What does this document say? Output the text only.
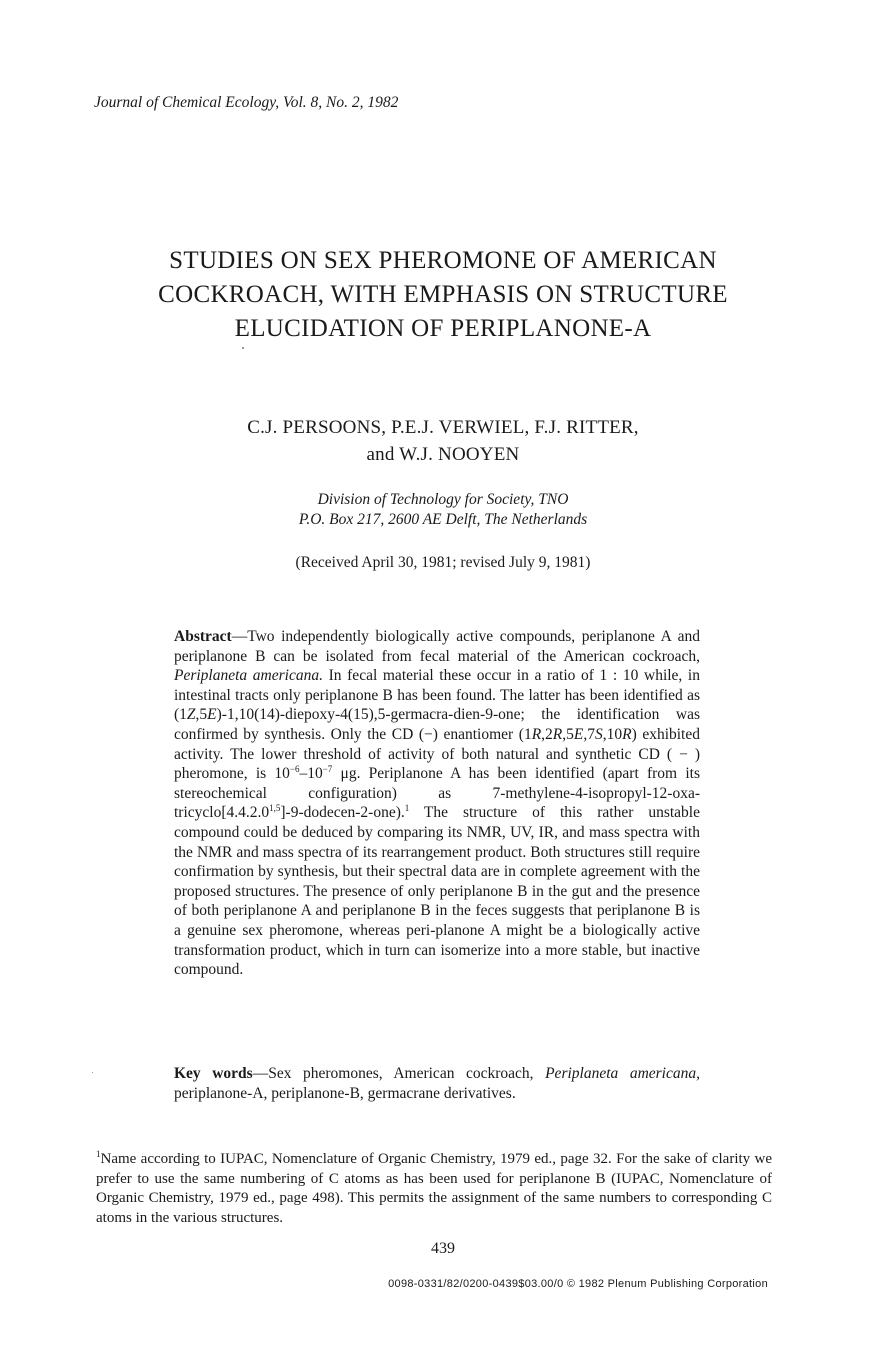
Journal of Chemical Ecology, Vol. 8, No. 2, 1982
STUDIES ON SEX PHEROMONE OF AMERICAN
COCKROACH, WITH EMPHASIS ON STRUCTURE
ELUCIDATION OF PERIPLANONE-A
C.J. PERSOONS, P.E.J. VERWIEL, F.J. RITTER,
and W.J. NOOYEN
Division of Technology for Society, TNO
P.O. Box 217, 2600 AE Delft, The Netherlands
(Received April 30, 1981; revised July 9, 1981)
Abstract—Two independently biologically active compounds, periplanone A and periplanone B can be isolated from fecal material of the American cockroach, Periplaneta americana. In fecal material these occur in a ratio of 1 : 10 while, in intestinal tracts only periplanone B has been found. The latter has been identified as (1Z,5E)-1,10(14)-diepoxy-4(15),5-germacra-dien-9-one; the identification was confirmed by synthesis. Only the CD (−) enantiomer (1R,2R,5E,7S,10R) exhibited activity. The lower threshold of activity of both natural and synthetic CD ( − ) pheromone, is $10^{-6}-10^{-7}$ μg. Periplanone A has been identified (apart from its stereochemical configuration) as 7-methylene-4-isopropyl-12-oxa-tricyclo[4.4.2.0$^{1,5}$]-9-dodecen-2-one).$^1$ The structure of this rather unstable compound could be deduced by comparing its NMR, UV, IR, and mass spectra with the NMR and mass spectra of its rearrangement product. Both structures still require confirmation by synthesis, but their spectral data are in complete agreement with the proposed structures. The presence of only periplanone B in the gut and the presence of both periplanone A and periplanone B in the feces suggests that periplanone B is a genuine sex pheromone, whereas peri-planone A might be a biologically active transformation product, which in turn can isomerize into a more stable, but inactive compound.
Key words—Sex pheromones, American cockroach, Periplaneta americana, periplanone-A, periplanone-B, germacrane derivatives.
$^1$Name according to IUPAC, Nomenclature of Organic Chemistry, 1979 ed., page 32. For the sake of clarity we prefer to use the same numbering of C atoms as has been used for periplanone B (IUPAC, Nomenclature of Organic Chemistry, 1979 ed., page 498). This permits the assignment of the same numbers to corresponding C atoms in the various structures.
439
0098-0331/82/0200-0439$03.00/0 © 1982 Plenum Publishing Corporation
